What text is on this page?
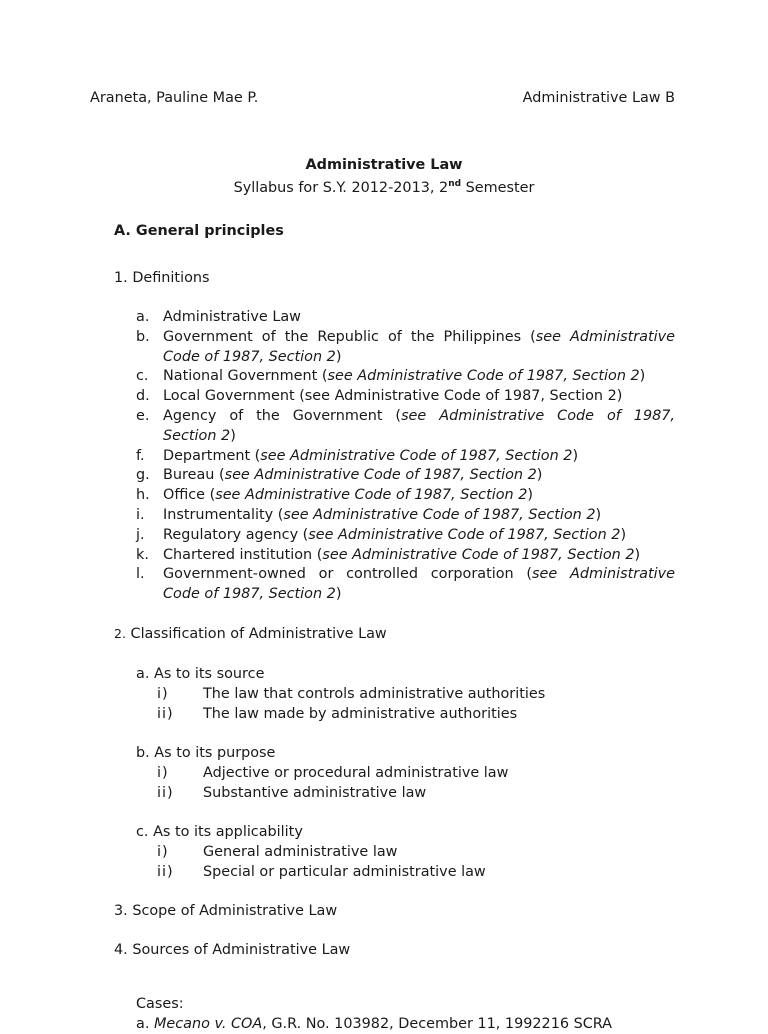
Araneta, Pauline Mae P.	Administrative Law B
Administrative Law
Syllabus for S.Y. 2012-2013, 2nd Semester
A. General principles
1. Definitions
a. Administrative Law
b. Government of the Republic of the Philippines (see Administrative
Code of 1987, Section 2)
c. National Government (see Administrative Code of 1987, Section 2)
d. Local Government (see Administrative Code of 1987, Section 2)
e. Agency of the Government (see Administrative Code of 1987,
Section 2)
f. Department (see Administrative Code of 1987, Section 2)
g. Bureau (see Administrative Code of 1987, Section 2)
h. Office (see Administrative Code of 1987, Section 2)
i. Instrumentality (see Administrative Code of 1987, Section 2)
j. Regulatory agency (see Administrative Code of 1987, Section 2)
k. Chartered institution (see Administrative Code of 1987, Section 2)
l. Government-owned or controlled corporation (see Administrative
Code of 1987, Section 2)
2. Classification of Administrative Law
a. As to its source
i) The law that controls administrative authorities
ii) The law made by administrative authorities
b. As to its purpose
i) Adjective or procedural administrative law
ii) Substantive administrative law
c. As to its applicability
i) General administrative law
ii) Special or particular administrative law
3. Scope of Administrative Law
4. Sources of Administrative Law
Cases:
a. Mecano v. COA, G.R. No. 103982, December 11, 1992216 SCRA
